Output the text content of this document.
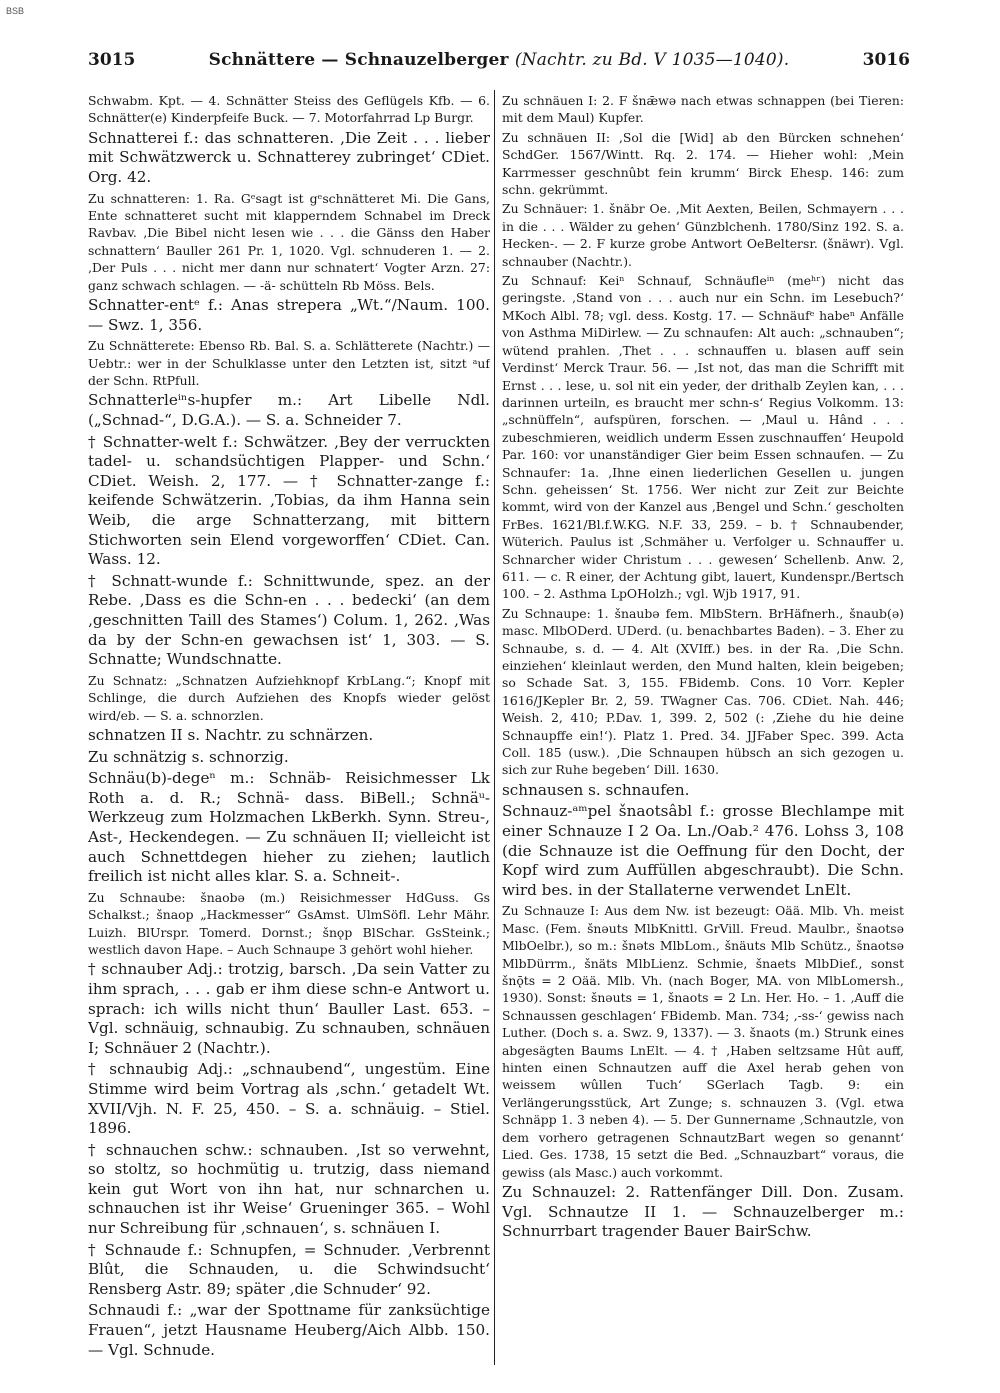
BSB
3015	Schnättere — Schnauzelberger (Nachtr. zu Bd. V 1035—1040).	3016

Schwabm. Kpt. — 4. Schnätter Steiss des Geflügels Kfb. — 6. Schnätter(e) Kinderpfeife Buck. — 7. Motorfahrrad Lp Burgr.

Schnatterei f.: das schnatteren. ‚Die Zeit . . . lieber mit Schwätzwerck u. Schnatterey zubringet‘ CDiet. Org. 42.

Zu schnatteren: 1. Ra. Gᵉsagt ist gᵉschnätteret Mi. Die Gans, Ente schnatteret sucht mit klapperndem Schnabel im Dreck Ravbav. ‚Die Bibel nicht lesen wie . . . die Gänss den Haber schnattern‘ Bauller 261 Pr. 1, 1020. Vgl. schnuderen 1. — 2. ‚Der Puls . . . nicht mer dann nur schnatert‘ Vogter Arzn. 27: ganz schwach schlagen. — -ä- schütteln Rb Möss. Bels.

Schnatter-entᵉ f.: Anas strepera „Wt.“/Naum. 100. — Swz. 1, 356.

Zu Schnätterete: Ebenso Rb. Bal. S. a. Schlätterete (Nachtr.) — Uebtr.: wer in der Schulklasse unter den Letzten ist, sitzt ᵃuf der Schn. RtPfull.

Schnatterleⁱⁿs-hupfer m.: Art Libelle Ndl. („Schnad-“, D.G.A.). — S. a. Schneider 7.

† Schnatter-welt f.: Schwätzer. ‚Bey der verruckten tadel- u. schandsüchtigen Plapper- und Schn.‘ CDiet. Weish. 2, 177. — † Schnatter-zange f.: keifende Schwätzerin. ‚Tobias, da ihm Hanna sein Weib, die arge Schnatterzang, mit bittern Stichworten sein Elend vorgeworffen‘ CDiet. Can. Wass. 12.

† Schnatt-wunde f.: Schnittwunde, spez. an der Rebe. ‚Dass es die Schn-en . . . bedecki‘ (an dem ‚geschnitten Taill des Stames‘) Colum. 1, 262. ‚Was da by der Schn-en gewachsen ist‘ 1, 303. — S. Schnatte; Wundschnatte.

Zu Schnatz: „Schnatzen Aufziehknopf KrbLang.“; Knopf mit Schlinge, die durch Aufziehen des Knopfs wieder gelöst wird/eb. — S. a. schnorzlen.

schnatzen II s. Nachtr. zu schnärzen.

Zu schnätzig s. schnorzig.

Schnäu(b)-degeⁿ m.: Schnäb- Reisichmesser Lk Roth a. d. R.; Schnä- dass. BiBell.; Schnäᵘ- Werkzeug zum Holzmachen LkBerkh. Synn. Streu-, Ast-, Heckendegen. — Zu schnäuen II; vielleicht ist auch Schnettdegen hieher zu ziehen; lautlich freilich ist nicht alles klar. S. a. Schneit-.

Zu Schnaube: šnaobə (m.) Reisichmesser HdGuss. Gs Schalkst.; šnaop „Hackmesser“ GsAmst. UlmSöfl. Lehr Mähr. Luizh. BlUrspr. Tomerd. Dornst.; šnǫp BlSchar. GsSteink.; westlich davon Hape. – Auch Schnaupe 3 gehört wohl hieher.

† schnauber Adj.: trotzig, barsch. ‚Da sein Vatter zu ihm sprach, . . . gab er ihm diese schn-e Antwort u. sprach: ich wills nicht thun‘ Bauller Last. 653. – Vgl. schnäuig, schnaubig. Zu schnauben, schnäuen I; Schnäuer 2 (Nachtr.).

† schnaubig Adj.: „schnaubend“, ungestüm. Eine Stimme wird beim Vortrag als ‚schn.‘ getadelt Wt. XVII/Vjh. N. F. 25, 450. – S. a. schnäuig. – Stiel. 1896.

† schnauchen schw.: schnauben. ‚Ist so verwehnt, so stoltz, so hochmütig u. trutzig, dass niemand kein gut Wort von ihn hat, nur schnarchen u. schnauchen ist ihr Weise‘ Grueninger 365. – Wohl nur Schreibung für ‚schnauen‘, s. schnäuen I.

† Schnaude f.: Schnupfen, = Schnuder. ‚Verbrennt Blût, die Schnauden, u. die Schwindsucht‘ Rensberg Astr. 89; später ‚die Schnuder‘ 92.

Schnaudi f.: „war der Spottname für zanksüchtige Frauen“, jetzt Hausname Heuberg/Aich Albb. 150. — Vgl. Schnude.

Zu schnäuen I: 2. F šnǣwə nach etwas schnappen (bei Tieren: mit dem Maul) Kupfer.

Zu schnäuen II: ‚Sol die [Wid] ab den Bürcken schnehen‘ SchdGer. 1567/Wintt. Rq. 2. 174. — Hieher wohl: ‚Mein Karrmesser geschnûbt fein krumm‘ Birck Ehesp. 146: zum schn. gekrümmt.

Zu Schnäuer: 1. šnäbr Oe. ‚Mit Aexten, Beilen, Schmayern . . . in die . . . Wälder zu gehen‘ Günzblchenh. 1780/Sinz 192. S. a. Hecken-. — 2. F kurze grobe Antwort OeBeltersr. (šnäwr). Vgl. schnauber (Nachtr.).

Zu Schnauf: Keiⁿ Schnauf, Schnäufleⁱⁿ (meʰʳ) nicht das geringste. ‚Stand von . . . auch nur ein Schn. im Lesebuch?‘ MKoch Albl. 78; vgl. dess. Kostg. 17. — Schnäufᵉ habeⁿ Anfälle von Asthma MiDirlew. — Zu schnaufen: Alt auch: „schnauben“; wütend prahlen. ‚Thet . . . schnauffen u. blasen auff sein Verdinst‘ Merck Traur. 56. — ‚Ist not, das man die Schrifft mit Ernst . . . lese, u. sol nit ein yeder, der drithalb Zeylen kan, . . . darinnen urteiln, es braucht mer schn-s‘ Regius Volkomm. 13: „schnüffeln“, aufspüren, forschen. — ‚Maul u. Hând . . . zubeschmieren, weidlich underm Essen zuschnauffen‘ Heupold Par. 160: vor unanständiger Gier beim Essen schnaufen. — Zu Schnaufer: 1a. ‚Ihne einen liederlichen Gesellen u. jungen Schn. geheissen‘ St. 1756. Wer nicht zur Zeit zur Beichte kommt, wird von der Kanzel aus ‚Bengel und Schn.‘ gescholten FrBes. 1621/Bl.f.W.KG. N.F. 33, 259. – b. † Schnaubender, Wüterich. Paulus ist ‚Schmäher u. Verfolger u. Schnauffer u. Schnarcher wider Christum . . . gewesen‘ Schellenb. Anw. 2, 611. — c. R einer, der Achtung gibt, lauert, Kundenspr./Bertsch 100. – 2. Asthma LpOHolzh.; vgl. Wjb 1917, 91.

Zu Schnaupe: 1. šnaubə fem. MlbStern. BrHäfnerh., šnaub(ə) masc. MlbODerd. UDerd. (u. benachbartes Baden). – 3. Eher zu Schnaube, s. d. — 4. Alt (XVIff.) bes. in der Ra. ‚Die Schn. einziehen‘ kleinlaut werden, den Mund halten, klein beigeben; so Schade Sat. 3, 155. FBidemb. Cons. 10 Vorr. Kepler 1616/JKepler Br. 2, 59. TWagner Cas. 706. CDiet. Nah. 446; Weish. 2, 410; P.Dav. 1, 399. 2, 502 (: ‚Ziehe du hie deine Schnaupffe ein!‘). Platz 1. Pred. 34. JJFaber Spec. 399. Acta Coll. 185 (usw.). ‚Die Schnaupen hübsch an sich gezogen u. sich zur Ruhe begeben‘ Dill. 1630.

schnausen s. schnaufen.

Schnauz-ᵃᵐpel šnaotsâbl f.: grosse Blechlampe mit einer Schnauze I 2 Oa. Ln./Oab.² 476. Lohss 3, 108 (die Schnauze ist die Oeffnung für den Docht, der Kopf wird zum Auffüllen abgeschraubt). Die Schn. wird bes. in der Stallaterne verwendet LnElt.

Zu Schnauze I: Aus dem Nw. ist bezeugt: Oää. Mlb. Vh. meist Masc. (Fem. šnəuts MlbKnittl. GrVill. Freud. Maulbr., šnaotsə MlbOelbr.), so m.: šnəts MlbLom., šnäuts Mlb Schütz., šnaotsə MlbDürrm., šnäts MlbLienz. Schmie, šnaets MlbDief., sonst šnǭts = 2 Oää. Mlb. Vh. (nach Boger, MA. von MlbLomersh., 1930). Sonst: šnəuts = 1, šnaots = 2 Ln. Her. Ho. – 1. ‚Auff die Schnaussen geschlagen‘ FBidemb. Man. 734; ‚-ss-‘ gewiss nach Luther. (Doch s. a. Swz. 9, 1337). — 3. šnaots (m.) Strunk eines abgesägten Baums LnElt. — 4. † ‚Haben seltzsame Hût auff, hinten einen Schnautzen auff die Axel herab gehen von weissem wûllen Tuch‘ SGerlach Tagb. 9: ein Verlängerungsstück, Art Zunge; s. schnauzen 3. (Vgl. etwa Schnäpp 1. 3 neben 4). — 5. Der Gunnername ‚Schnautzle, von dem vorhero getragenen SchnautzBart wegen so genannt‘ Lied. Ges. 1738, 15 setzt die Bed. „Schnauzbart“ voraus, die gewiss (als Masc.) auch vorkommt.

Zu Schnauzel: 2. Rattenfänger Dill. Don. Zusam. Vgl. Schnautze II 1. — Schnauzelberger m.: Schnurrbart tragender Bauer BairSchw.
